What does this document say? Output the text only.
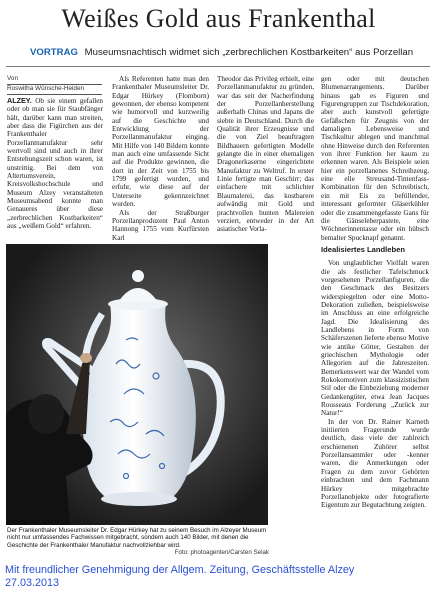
Weißes Gold aus Frankenthal
VORTRAG Museumsnachtisch widmet sich „zerbrechlichen Kostbarkeiten“ aus Porzellan
Von
Roswitha Wünsche-Heiden

ALZEY. Ob sie einem gefallen oder ob man sie für Staubfänger hält, darüber kann man streiten, aber dass die Figürchen aus der Frankenthaler Porzellanmanufaktur sehr wertvoll sind und auch in ihrer Entstehungszeit schon waren, ist unstrittig. Bei dem von Altertumsverein, Kreisvolkshochschule und Museum Alzey veranstalteten Museumsabend konnte man Genaueres über diese „zerbrechlichen Kostbarkeiten“ aus „weißem Gold“ erfahren.

Als Referenten hatte man den Frankenthaler Museumsleiter Dr. Edgar Hürkey (Flomborn) gewonnen, der ebenso kompetent wie humorvoll und kurzweilig auf die Geschichte und Entwicklung der Porzellanmanufaktur einging. Mit Hilfe von 140 Bildern konnte man auch eine umfassende Sicht auf die Produkte gewinnen, die dort in der Zeit von 1755 bis 1799 gefertigt wurden, und erfuhr, wie diese auf der Unterseite gekennzeichnet wurden.

Als der Straßburger Porzellanproduzent Paul Anton Hannong 1755 vom Kurfürsten Karl

Theodor das Privileg erhielt, eine Porzellanmanufaktur zu gründen, war das seit der Nacherfindung der Porzellanherstellung außerhalb Chinas und Japans die siebte in Deutschland. Durch die Qualität ihrer Erzeugnisse und die von Ziel beauftragten Bildhauern gefertigten Modelle gelangte die in einer ehemaligen Dragonerkaserne eingerichtete Manufaktur zu Weltruf. In erster Linie fertigte man Geschirr; das einfachere mit schlichter Blaumalerei, das kostbarere aufwändig mit Gold und prachtvollen bunten Malereien verziert, entweder in der Art asiatischer Vorla-

gen oder mit deutschen Blumenarrangements. Darüber hinaus gab es Figuren und Figurengruppen zur Tischdekoration, aber auch kunstvoll gefertigte Gefäßschen für Zeugnis von der damaligen Lebensweise und Tischkultur ablegen und manchmal ohne Hinweise durch den Referenten von ihrer Funktion her kaum zu erkennen waren. Als Beispiele seien hier ein porzellanenes Schreibzeug, eine elle Streusand-Tintenfass-Kombination für den Schreibtisch, ein mit Eis zu befüllender, interessant geformter Gläserkühler oder die zusammengefasste Gans für die Gänseleberpastete, eine Wöchnerinnentasse oder ein hübsch bemalter Spucknapf genannt.

Idealisiertes Landleben

Von unglaublicher Vielfalt waren die als festlicher Tafelschmuck vorgesehenen Porzellanfiguren, die den Geschmack des Besitzers widerspiegelten oder eine Motto-Dekoration zuließen, beispielsweise im Anschluss an eine erfolgreiche Jagd. Die Idealisierung des Landlebens in Form von Schäferszenen lieferte ebenso Motive wie antike Götter, Gestalten der griechischen Mythologie oder Allegorien auf die Jahreszeiten. Bemerkenswert war der Wandel vom Rokokomotiven zum klassizistischen Stil oder die Einbeziehung moderner Gedankengüter, etwa Jean Jacques Rousseaus Forderung „Zurück zur Natur!“

In der von Dr. Rainer Karneth initiierten Fragerunde wurde deutlich, dass viele der zahlreich erschienenen Zuhörer selbst Porzellansammler oder -kenner waren, die Anmerkungen oder Fragen zu dem zuvor Gehörten einbrachten und dem Fachmann Hürkey mitgebrachte Porzellanobjekte oder fotografierte Eigentum zur Begutachtung zeigten.

Der Frankenthaler Museumsleiter Dr. Edgar Hürkey hat zu seinem Besuch im Alzeyer Museum nicht nur umfassendes Fachwissen mitgebracht, sondern auch 140 Bilder, mit denen die Geschichte der Frankenthaler Manufaktur nachvollziehbar wird.
Foto: photoagenten/Carsten Selak
Mit freundlicher Genehmigung der Allgem. Zeitung, Geschäftsstelle Alzey
27.03.2013
